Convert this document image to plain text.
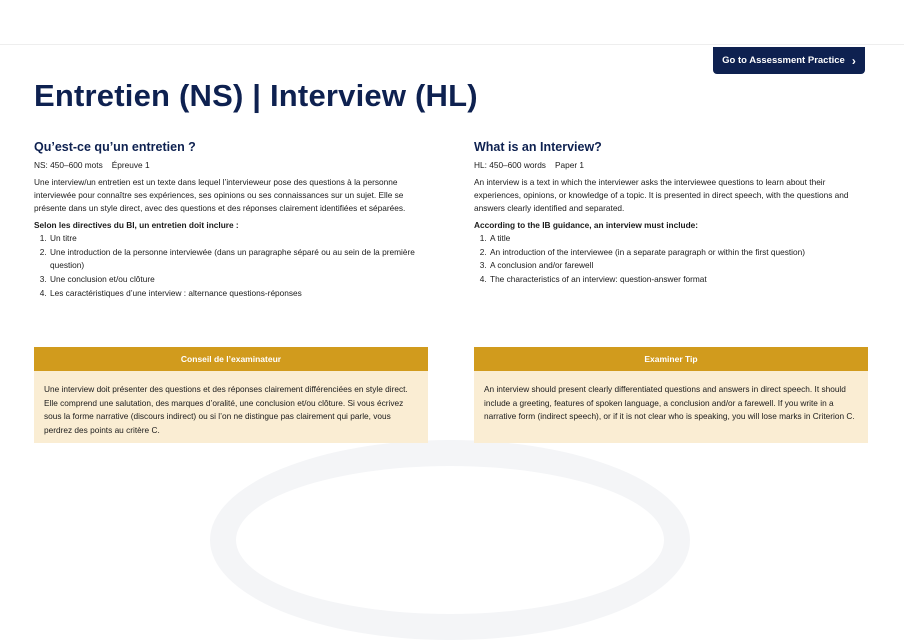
Go to Assessment Practice ›
Entretien (NS) | Interview (HL)
Qu’est-ce qu’un entretien ?
NS: 450–600 mots Épreuve 1

Une interview/un entretien est un texte dans lequel l’intervieweur pose des questions à la personne interviewée pour connaître ses expériences, ses opinions ou ses connaissances sur un sujet. Elle se présente dans un style direct, avec des questions et des réponses clairement identifiées et séparées.

Selon les directives du BI, un entretien doit inclure :

1. Un titre
2. Une introduction de la personne interviewée (dans un paragraphe séparé ou au sein de la première question)
3. Une conclusion et/ou clôture
4. Les caractéristiques d’une interview : alternance questions-réponses
What is an Interview?
HL: 450–600 words Paper 1

An interview is a text in which the interviewer asks the interviewee questions to learn about their experiences, opinions, or knowledge of a topic. It is presented in direct speech, with the questions and answers clearly identified and separated.

According to the IB guidance, an interview must include:

1. A title
2. An introduction of the interviewee (in a separate paragraph or within the first question)
3. A conclusion and/or farewell
4. The characteristics of an interview: question-answer format
Conseil de l’examinateur
Une interview doit présenter des questions et des réponses clairement différenciées en style direct. Elle comprend une salutation, des marques d’oralité, une conclusion et/ou clôture. Si vous écrivez sous la forme narrative (discours indirect) ou si l’on ne distingue pas clairement qui parle, vous perdrez des points au critère C.
Examiner Tip
An interview should present clearly differentiated questions and answers in direct speech. It should include a greeting, features of spoken language, a conclusion and/or a farewell. If you write in a narrative form (indirect speech), or if it is not clear who is speaking, you will lose marks in Criterion C.
